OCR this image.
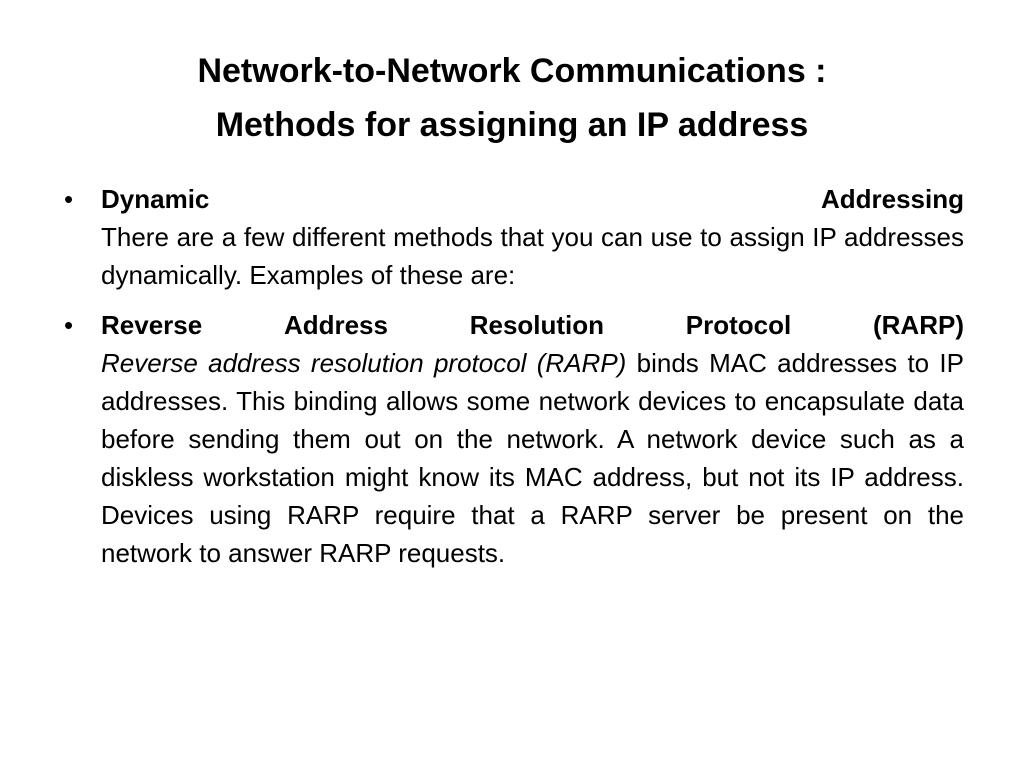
Network-to-Network Communications :
Methods for assigning an IP address
•	Dynamic	Addressing
There are a few different methods that you can use to assign IP addresses dynamically. Examples of these are:
•	Reverse	Address	Resolution	Protocol	(RARP)
Reverse address resolution protocol (RARP) binds MAC addresses to IP addresses. This binding allows some network devices to encapsulate data before sending them out on the network. A network device such as a diskless workstation might know its MAC address, but not its IP address. Devices using RARP require that a RARP server be present on the network to answer RARP requests.
